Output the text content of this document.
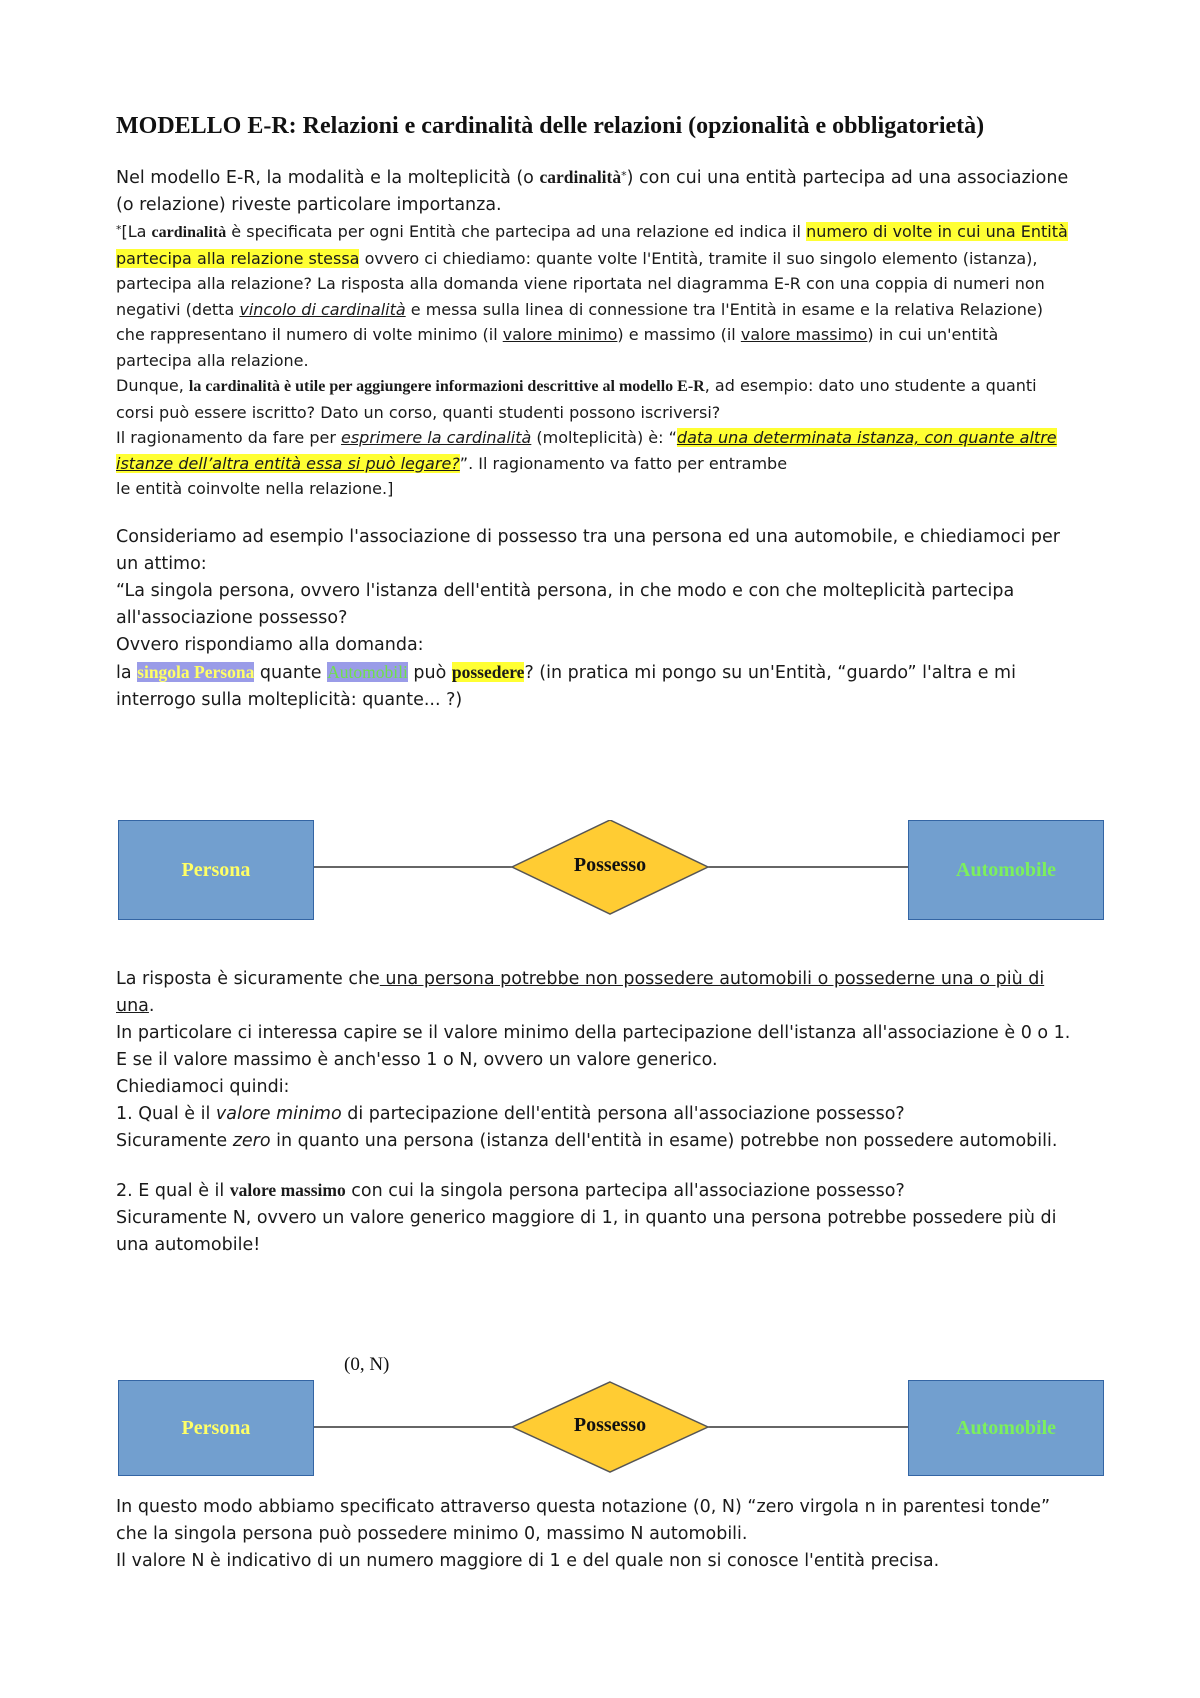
MODELLO E-R: Relazioni e cardinalità delle relazioni (opzionalità e obbligatorietà)

Nel modello E-R, la modalità e la molteplicità (o cardinalità*) con cui una entità partecipa ad una associazione (o relazione) riveste particolare importanza.

*[La cardinalità è specificata per ogni Entità che partecipa ad una relazione ed indica il numero di volte in cui una Entità partecipa alla relazione stessa ovvero ci chiediamo: quante volte l'Entità, tramite il suo singolo elemento (istanza), partecipa alla relazione? La risposta alla domanda viene riportata nel diagramma E-R con una coppia di numeri non negativi (detta vincolo di cardinalità e messa sulla linea di connessione tra l'Entità in esame e la relativa Relazione) che rappresentano il numero di volte minimo (il valore minimo) e massimo (il valore massimo) in cui un'entità partecipa alla relazione.

Dunque, la cardinalità è utile per aggiungere informazioni descrittive al modello E-R, ad esempio: dato uno studente a quanti corsi può essere iscritto? Dato un corso, quanti studenti possono iscriversi?

Il ragionamento da fare per esprimere la cardinalità (molteplicità) è: “data una determinata istanza, con quante altre istanze dell’altra entità essa si può legare?”. Il ragionamento va fatto per entrambe
le entità coinvolte nella relazione.]

Consideriamo ad esempio l'associazione di possesso tra una persona ed una automobile, e chiediamoci per un attimo:
“La singola persona, ovvero l'istanza dell'entità persona, in che modo e con che molteplicità partecipa all'associazione possesso?
Ovvero rispondiamo alla domanda:
la singola Persona quante Automobili può possedere? (in pratica mi pongo su un'Entità, “guardo” l'altra e mi interrogo sulla molteplicità: quante... ?)

Persona	Possesso	Automobile

La risposta è sicuramente che una persona potrebbe non possedere automobili o possederne una o più di una.
In particolare ci interessa capire se il valore minimo della partecipazione dell'istanza all'associazione è 0 o 1.
E se il valore massimo è anch'esso 1 o N, ovvero un valore generico.
Chiediamoci quindi:
1. Qual è il valore minimo di partecipazione dell'entità persona all'associazione possesso?
Sicuramente zero in quanto una persona (istanza dell'entità in esame) potrebbe non possedere automobili.

2. E qual è il valore massimo con cui la singola persona partecipa all'associazione possesso?
Sicuramente N, ovvero un valore generico maggiore di 1, in quanto una persona potrebbe possedere più di una automobile!

Persona	Possesso	Automobile
(0, N)

In questo modo abbiamo specificato attraverso questa notazione (0, N) “zero virgola n in parentesi tonde” che la singola persona può possedere minimo 0, massimo N automobili.
Il valore N è indicativo di un numero maggiore di 1 e del quale non si conosce l'entità precisa.
